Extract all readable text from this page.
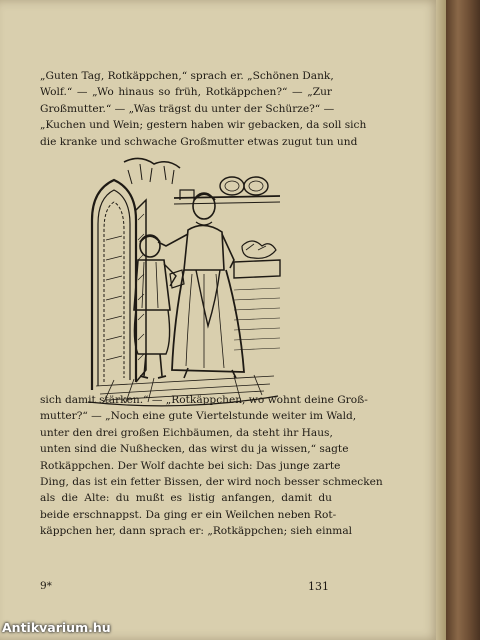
„Guten Tag, Rotkäppchen,“ sprach er. „Schönen Dank,
Wolf.“ — „Wo hinaus so früh, Rotkäppchen?“ — „Zur
Großmutter.“ — „Was trägst du unter der Schürze?“ —
„Kuchen und Wein; gestern haben wir gebacken, da soll sich
die kranke und schwache Großmutter etwas zugut tun und
sich damit stärken.“ — „Rotkäppchen, wo wohnt deine Groß-
mutter?“ — „Noch eine gute Viertelstunde weiter im Wald,
unter den drei großen Eichbäumen, da steht ihr Haus,
unten sind die Nußhecken, das wirst du ja wissen,“ sagte
Rotkäppchen. Der Wolf dachte bei sich: Das junge zarte
Ding, das ist ein fetter Bissen, der wird noch besser schmecken
als die Alte: du mußt es listig anfangen, damit du
beide erschnappst. Da ging er ein Weilchen neben Rot-
käppchen her, dann sprach er: „Rotkäppchen; sieh einmal
9*	131
Antikvarium.hu
